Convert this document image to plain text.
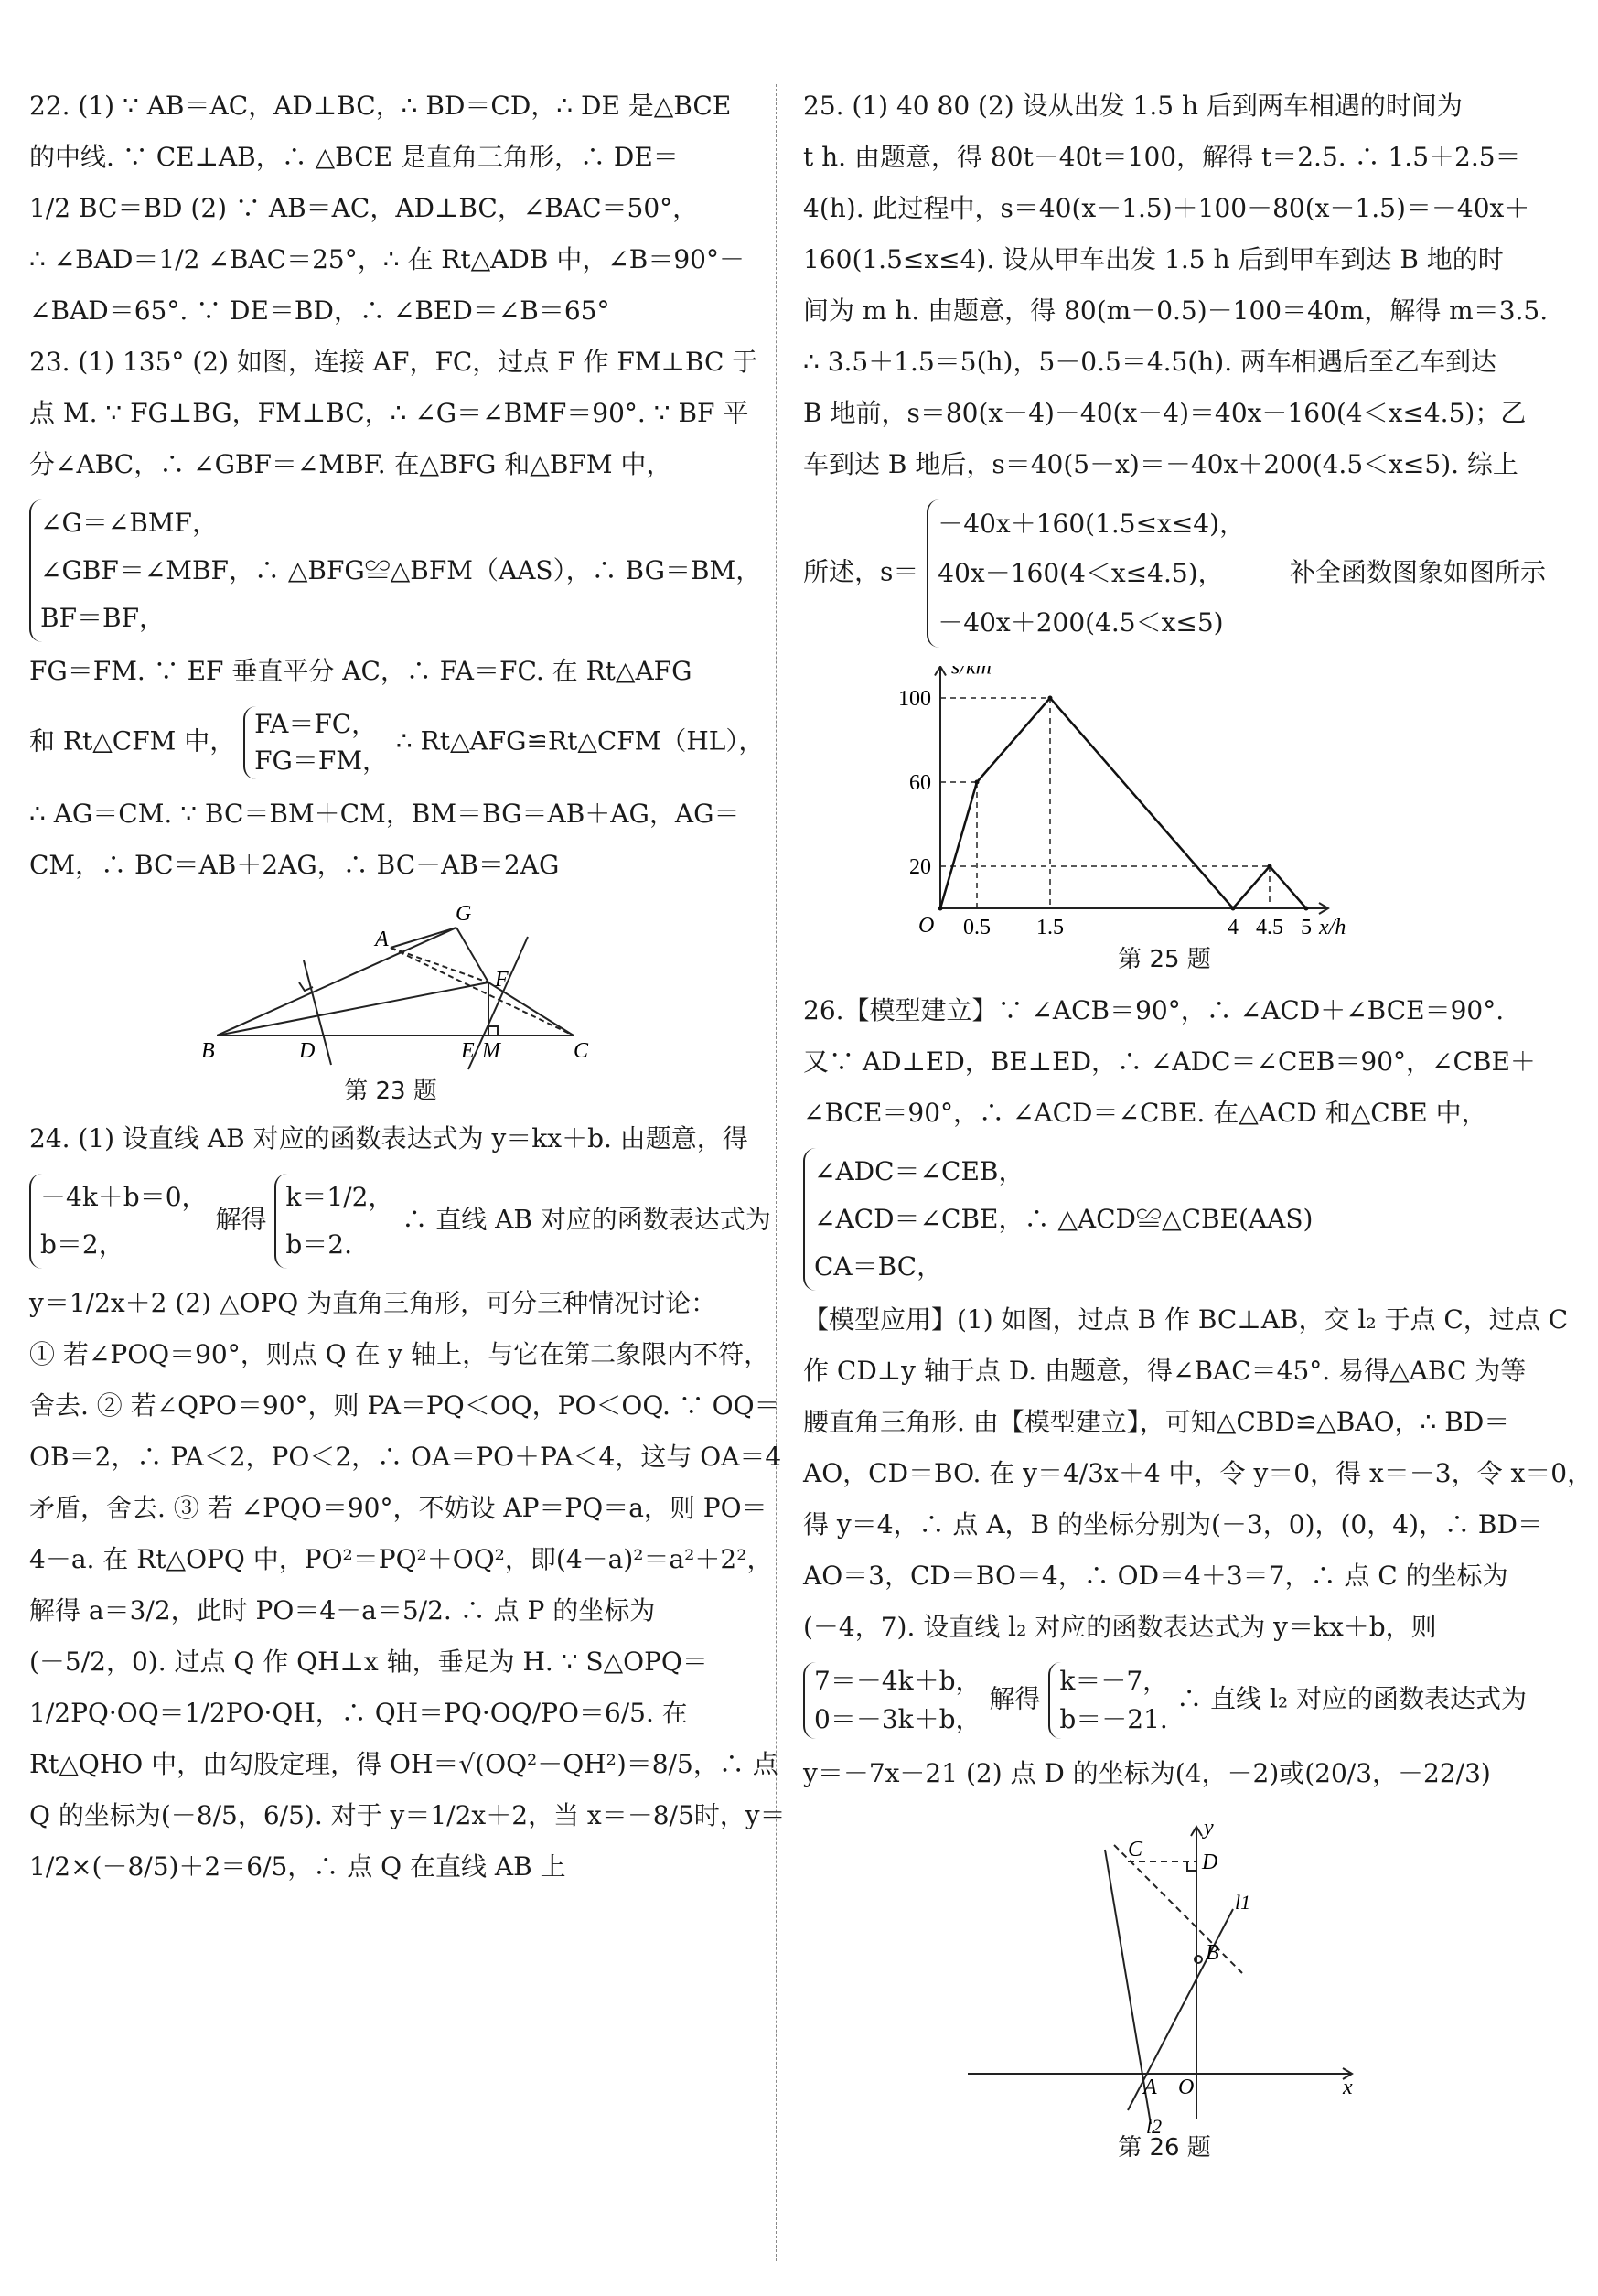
22. (1) ∵ AB＝AC，AD⊥BC，∴ BD＝CD，∴ DE 是△BCE
的中线. ∵ CE⊥AB，∴ △BCE 是直角三角形，∴ DE＝
1/2 BC＝BD (2) ∵ AB＝AC，AD⊥BC，∠BAC＝50°，
∴ ∠BAD＝1/2 ∠BAC＝25°，∴ 在 Rt△ADB 中，∠B＝90°－
∠BAD＝65°. ∵ DE＝BD，∴ ∠BED＝∠B＝65°
23. (1) 135° (2) 如图，连接 AF，FC，过点 F 作 FM⊥BC 于
点 M. ∵ FG⊥BG，FM⊥BC，∴ ∠G＝∠BMF＝90°. ∵ BF 平
分∠ABC，∴ ∠GBF＝∠MBF. 在△BFG 和△BFM 中，
∠G＝∠BMF，
∠GBF＝∠MBF，∴ △BFG≌△BFM（AAS），∴ BG＝BM，
BF＝BF，
FG＝FM. ∵ EF 垂直平分 AC，∴ FA＝FC. 在 Rt△AFG
和 Rt△CFM 中，
FA＝FC，
FG＝FM，
∴ Rt△AFG≌Rt△CFM（HL），
∴ AG＝CM. ∵ BC＝BM＋CM，BM＝BG＝AB＋AG，AG＝
CM，∴ BC＝AB＋2AG，∴ BC－AB＝2AG
A
G
F
B	D	E M	C
第 23 题
24. (1) 设直线 AB 对应的函数表达式为 y＝kx＋b. 由题意，得
－4k＋b＝0，
b＝2，
解得
k＝1/2，
b＝2.
∴ 直线 AB 对应的函数表达式为
y＝1/2x＋2 (2) △OPQ 为直角三角形，可分三种情况讨论：
① 若∠POQ＝90°，则点 Q 在 y 轴上，与它在第二象限内不符，
舍去. ② 若∠QPO＝90°，则 PA＝PQ＜OQ，PO＜OQ. ∵ OQ＝
OB＝2，∴ PA＜2，PO＜2，∴ OA＝PO＋PA＜4，这与 OA＝4
矛盾，舍去. ③ 若 ∠PQO＝90°，不妨设 AP＝PQ＝a，则 PO＝
4－a. 在 Rt△OPQ 中，PO²＝PQ²＋OQ²，即(4－a)²＝a²＋2²，
解得 a＝3/2，此时 PO＝4－a＝5/2. ∴ 点 P 的坐标为
(－5/2，0). 过点 Q 作 QH⊥x 轴，垂足为 H. ∵ S△OPQ＝
1/2PQ·OQ＝1/2PO·QH，∴ QH＝PQ·OQ/PO＝6/5. 在
Rt△QHO 中，由勾股定理，得 OH＝√(OQ²－QH²)＝8/5，∴ 点
Q 的坐标为(－8/5，6/5). 对于 y＝1/2x＋2，当 x＝－8/5时，y＝
1/2×(－8/5)＋2＝6/5，∴ 点 Q 在直线 AB 上
25. (1) 40 80 (2) 设从出发 1.5 h 后到两车相遇的时间为
t h. 由题意，得 80t－40t＝100，解得 t＝2.5. ∴ 1.5＋2.5＝
4(h). 此过程中，s＝40(x－1.5)＋100－80(x－1.5)＝－40x＋
160(1.5≤x≤4). 设从甲车出发 1.5 h 后到甲车到达 B 地的时
间为 m h. 由题意，得 80(m－0.5)－100＝40m，解得 m＝3.5.
∴ 3.5＋1.5＝5(h)，5－0.5＝4.5(h). 两车相遇后至乙车到达
B 地前，s＝80(x－4)－40(x－4)＝40x－160(4＜x≤4.5)；乙
车到达 B 地后，s＝40(5－x)＝－40x＋200(4.5＜x≤5). 综上
所述，s＝
－40x＋160(1.5≤x≤4)，
40x－160(4＜x≤4.5)，
－40x＋200(4.5＜x≤5)
补全函数图象如图所示
s/km
x/h
O
20
60
100
0.5 1.5	4 4.5 5
第 25 题
26.【模型建立】∵ ∠ACB＝90°，∴ ∠ACD＋∠BCE＝90°.
又∵ AD⊥ED，BE⊥ED，∴ ∠ADC＝∠CEB＝90°，∠CBE＋
∠BCE＝90°，∴ ∠ACD＝∠CBE. 在△ACD 和△CBE 中，
∠ADC＝∠CEB，
∠ACD＝∠CBE，∴ △ACD≌△CBE(AAS)
CA＝BC，
【模型应用】(1) 如图，过点 B 作 BC⊥AB，交 l₂ 于点 C，过点 C
作 CD⊥y 轴于点 D. 由题意，得∠BAC＝45°. 易得△ABC 为等
腰直角三角形. 由【模型建立】，可知△CBD≌△BAO，∴ BD＝
AO，CD＝BO. 在 y＝4/3x＋4 中，令 y＝0，得 x＝－3，令 x＝0，
得 y＝4，∴ 点 A，B 的坐标分别为(－3，0)，(0，4)，∴ BD＝
AO＝3，CD＝BO＝4，∴ OD＝4＋3＝7，∴ 点 C 的坐标为
(－4，7). 设直线 l₂ 对应的函数表达式为 y＝kx＋b，则
7＝－4k＋b，
0＝－3k＋b，
解得
k＝－7，
b＝－21.
∴ 直线 l₂ 对应的函数表达式为
y＝－7x－21 (2) 点 D 的坐标为(4，－2)或(20/3，－22/3)
y
C
D
l1
B
A O	x
l2
第 26 题
